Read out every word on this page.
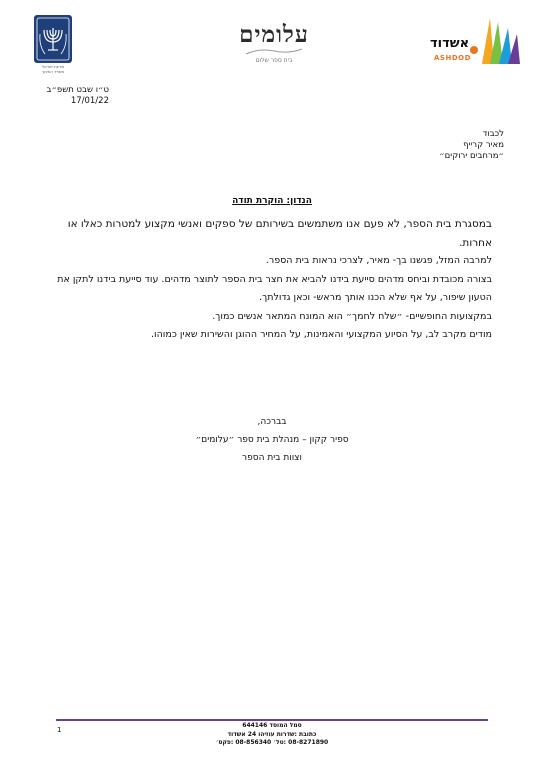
מדינת ישראל
משרד החינוך
עלומים
בית ספר שלום
אשדוד
ASHDOD
ט״ו שבט תשפ״ב
17/01/22
לכבוד
מאיר קרייף
״מרחבים ירוקים״
הנדון: הוקרת תודה

במסגרת בית הספר, לא פעם אנו משתמשים בשירותם של ספקים ואנשי מקצוע למטרות כאלו או אחרות.

למרבה המזל, פגשנו בך- מאיר, לצרכי נראות בית הספר.

בצורה מכובדת וביחס מדהים סייעת בידנו להביא את חצר בית הספר לתוצר מדהים. עוד סייעת בידנו לתקן את הטעון שיפור, על אף שלא הכנו אותך מראש- וכאן גדולתך.

במקצועות החופשיים- ״שלח לחמך״ הוא המונח המתאר אנשים כמוך.

מודים מקרב לב, על הסיוע המקצועי והאמינות, על המחיר ההוגן והשירות שאין כמוהו.

בברכה,
ספיר קקון – מנהלת בית ספר ״עלומים״
וצוות בית הספר
1
סמל המוסד 644146
כתובת :שדרות עוזיהו 24 אשדוד
08-8271890 :טל׳ 08-856340 :פקס׳
